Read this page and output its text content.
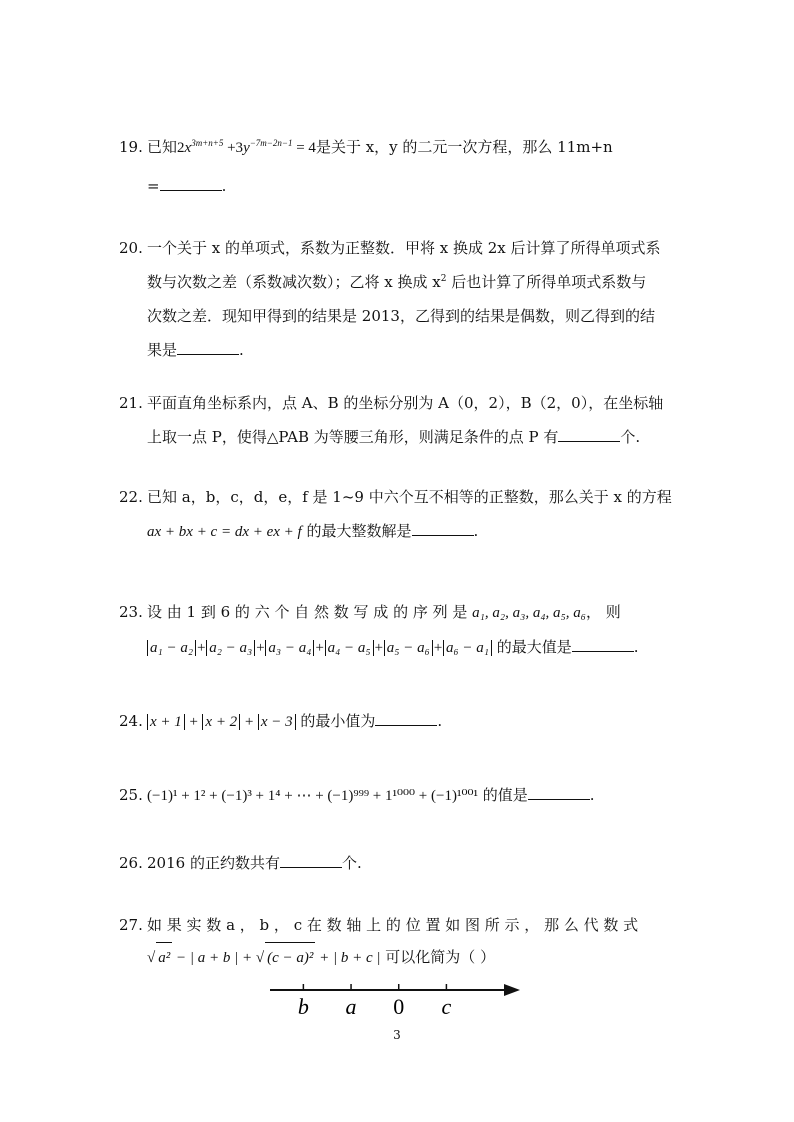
19. 已知$2x^{3m+n+5} +3y^{-7m-2n-1} = 4$是关于 x，y 的二元一次方程，那么 11m+n
=	.
20. 一个关于 x 的单项式，系数为正整数．甲将 x 换成 2x 后计算了所得单项式系
数与次数之差（系数减次数）；乙将 x 换成 $x^2$ 后也计算了所得单项式系数与
次数之差．现知甲得到的结果是 2013，乙得到的结果是偶数，则乙得到的结
果是	.
21. 平面直角坐标系内，点 A、B 的坐标分别为 A（0，2），B（2，0），在坐标轴
上取一点 P，使得△PAB 为等腰三角形，则满足条件的点 P 有	个.
22. 已知 a，b，c，d，e，f 是 1~9 中六个互不相等的正整数，那么关于 x 的方程
ax + bx + c = dx + ex + f 的最大整数解是	.
23. 设 由 1 到 6 的 六 个 自 然 数 写 成 的 序 列 是 a₁, a₂, a₃, a₄, a₅, a₆， 则
a₁ − a₂ + a₂ − a₃ + a₃ − a₄ + a₄ − a₅ + a₅ − a₆ + a₆ − a₁ 的最大值是	.
24. x + 1 + x + 2 + x − 3 的最小值为	.
25. (−1)¹ + 1² + (−1)³ + 1⁴ + ⋯ + (−1)⁹⁹⁹ + 1¹⁰⁰⁰ + (−1)¹⁰⁰¹ 的值是	.
26. 2016 的正约数共有	个.
27. 如 果 实 数 a ， b ， c 在 数 轴 上 的 位 置 如 图 所 示 ， 那 么 代 数 式
√ a² − | a + b | + √ (c − a)² + | b + c | 可以化简为（ ）
b a 0 c
3
